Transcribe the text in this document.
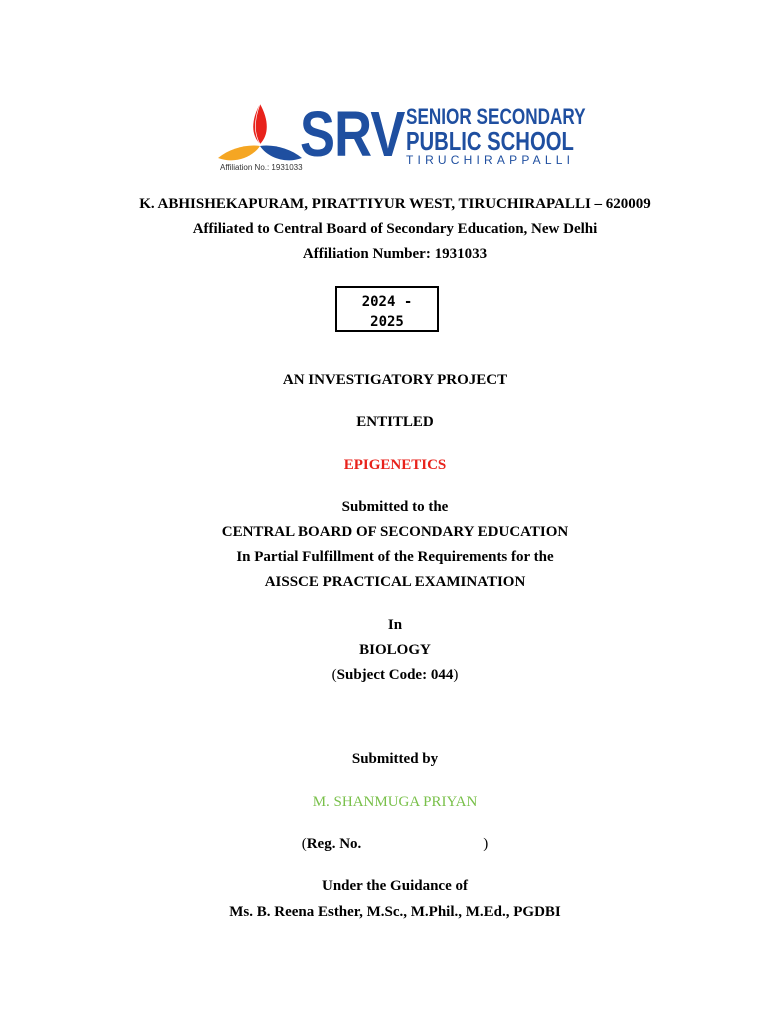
SRV SENIOR SECONDARY
PUBLIC SCHOOL
TIRUCHIRAPPALLI
Affiliation No.: 1931033
K. ABHISHEKAPURAM, PIRATTIYUR WEST, TIRUCHIRAPALLI – 620009
Affiliated to Central Board of Secondary Education, New Delhi
Affiliation Number: 1931033
2024 -
2025
AN INVESTIGATORY PROJECT
ENTITLED
EPIGENETICS
Submitted to the
CENTRAL BOARD OF SECONDARY EDUCATION
In Partial Fulfillment of the Requirements for the
AISSCE PRACTICAL EXAMINATION
In
BIOLOGY
(Subject Code: 044)
Submitted by
M. SHANMUGA PRIYAN
(Reg. No.	)
Under the Guidance of
Ms. B. Reena Esther, M.Sc., M.Phil., M.Ed., PGDBI
